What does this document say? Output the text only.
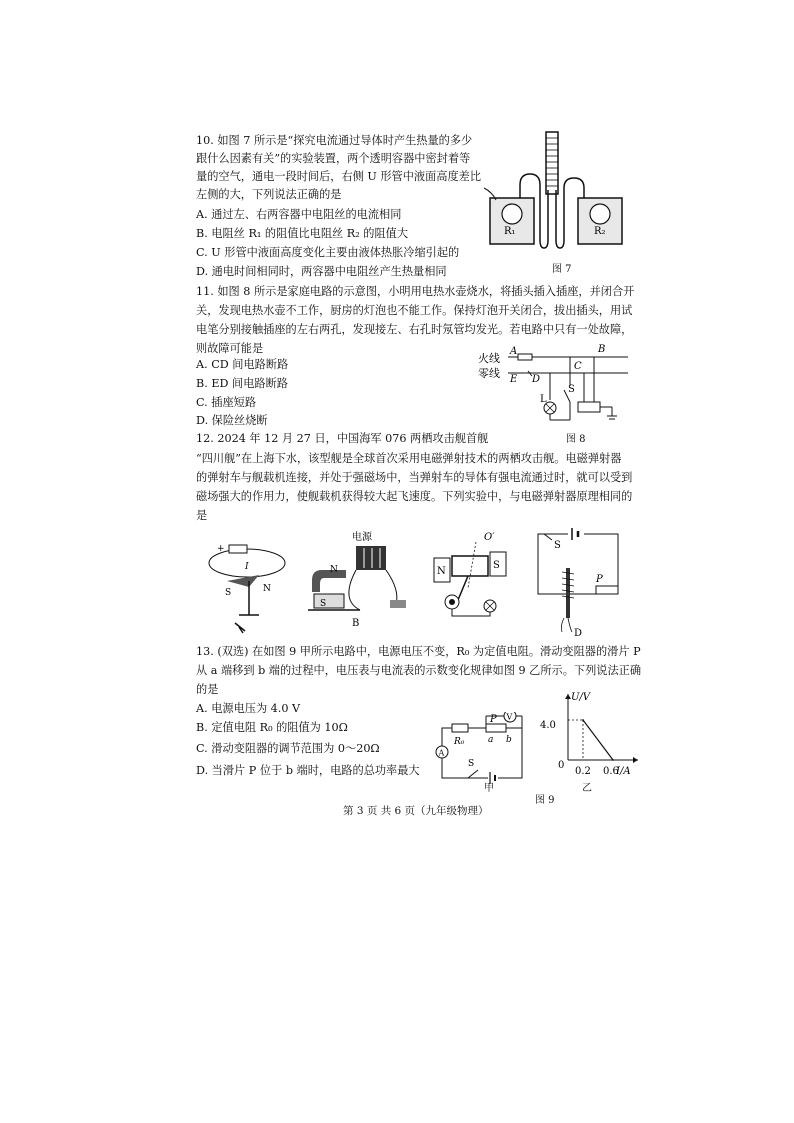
10. 如图 7 所示是“探究电流通过导体时产生热量的多少
跟什么因素有关”的实验装置，两个透明容器中密封着等
量的空气，通电一段时间后，右侧 U 形管中液面高度差比
左侧的大，下列说法正确的是
A. 通过左、右两容器中电阻丝的电流相同
B. 电阻丝 R₁ 的阻值比电阻丝 R₂ 的阻值大
C. U 形管中液面高度变化主要由液体热胀冷缩引起的
D. 通电时间相同时，两容器中电阻丝产生热量相同
R₁	R₂
图 7
11. 如图 8 所示是家庭电路的示意图，小明用电热水壶烧水，将插头插入插座，并闭合开
关，发现电热水壶不工作，厨房的灯泡也不能工作。保持灯泡开关闭合，拔出插头，用试
电笔分别接触插座的左右两孔，发现接左、右孔时氖管均发光。若电路中只有一处故障，
则故障可能是
A. CD 间电路断路
B. ED 间电路断路
C. 插座短路
D. 保险丝烧断
火线
零线
A	B
C
D
E
L
S
图 8
12. 2024 年 12 月 27 日，中国海军 076 两栖攻击舰首舰
“四川舰”在上海下水，该型舰是全球首次采用电磁弹射技术的两栖攻击舰。电磁弹射器
的弹射车与舰载机连接，并处于强磁场中，当弹射车的导体有强电流通过时，就可以受到
磁场强大的作用力，使舰载机获得较大起飞速度。下列实验中，与电磁弹射器原理相同的
是
+
S	N
I
电源
N
S
B
O′
N
S
S
P
D
13. (双选) 在如图 9 甲所示电路中，电源电压不变，R₀ 为定值电阻。滑动变阻器的滑片 P
从 a 端移到 b 端的过程中，电压表与电流表的示数变化规律如图 9 乙所示。下列说法正确
的是
A. 电源电压为 4.0 V
B. 定值电阻 R₀ 的阻值为 10Ω
C. 滑动变阻器的调节范围为 0～20Ω
D. 当滑片 P 位于 b 端时，电路的总功率最大
R₀
P
a b
V
A
S
甲
U/V
I/A
4.0
0
0.2 0.6
乙
图 9
第 3 页 共 6 页（九年级物理）
